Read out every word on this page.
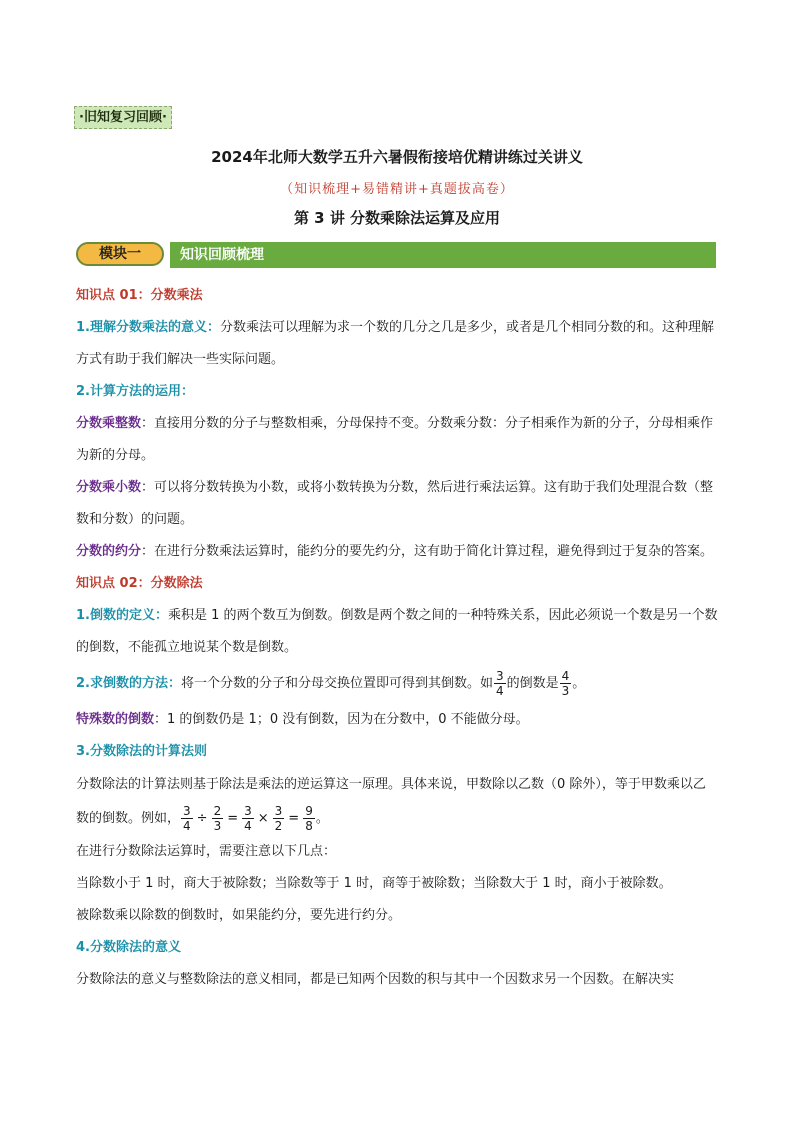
·旧知复习回顾·
2024年北师大数学五升六暑假衔接培优精讲练过关讲义
（知识梳理+易错精讲+真题拔高卷）
第 3 讲 分数乘除法运算及应用
模块一	知识回顾梳理

知识点 01：分数乘法

1.理解分数乘法的意义：分数乘法可以理解为求一个数的几分之几是多少，或者是几个相同分数的和。这种理解方式有助于我们解决一些实际问题。

2.计算方法的运用：

分数乘整数：直接用分数的分子与整数相乘，分母保持不变。分数乘分数：分子相乘作为新的分子，分母相乘作为新的分母。

分数乘小数：可以将分数转换为小数，或将小数转换为分数，然后进行乘法运算。这有助于我们处理混合数（整数和分数）的问题。

分数的约分：在进行分数乘法运算时，能约分的要先约分，这有助于简化计算过程，避免得到过于复杂的答案。

知识点 02：分数除法

1.倒数的定义：乘积是 1 的两个数互为倒数。倒数是两个数之间的一种特殊关系，因此必须说一个数是另一个数的倒数，不能孤立地说某个数是倒数。

2.求倒数的方法：将一个分数的分子和分母交换位置即可得到其倒数。如 $\frac{3}{4}$ 的倒数是 $\frac{4}{3}$ 。

特殊数的倒数：1 的倒数仍是 1；0 没有倒数，因为在分数中，0 不能做分母。

3.分数除法的计算法则

分数除法的计算法则基于除法是乘法的逆运算这一原理。具体来说，甲数除以乙数（0 除外），等于甲数乘以乙数的倒数。例如， $\frac{3}{4} \div \frac{2}{3} = \frac{3}{4} \times \frac{3}{2} = \frac{9}{8}$ 。

在进行分数除法运算时，需要注意以下几点：

当除数小于 1 时，商大于被除数；当除数等于 1 时，商等于被除数；当除数大于 1 时，商小于被除数。

被除数乘以除数的倒数时，如果能约分，要先进行约分。

4.分数除法的意义

分数除法的意义与整数除法的意义相同，都是已知两个因数的积与其中一个因数求另一个因数。在解决实
